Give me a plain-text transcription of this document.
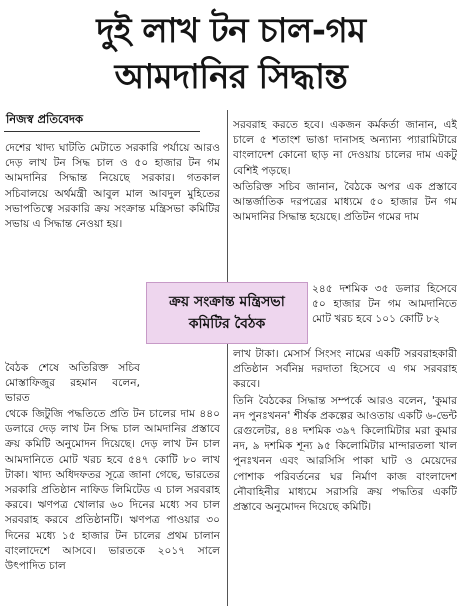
দুই লাখ টন চাল-গম
আমদানির সিদ্ধান্ত
নিজস্ব প্রতিবেদক

দেশের খাদ্য ঘাটতি মেটাতে সরকারি পর্যায়ে আরও দেড় লাখ টন সিদ্ধ চাল ও ৫০ হাজার টন গম আমদানির সিদ্ধান্ত নিয়েছে সরকার। গতকাল সচিবালয়ে অর্থমন্ত্রী আবুল মাল আবদুল মুহিতের সভাপতিত্বে সরকারি ক্রয় সংক্রান্ত মন্ত্রিসভা কমিটির সভায় এ সিদ্ধান্ত নেওয়া হয়।

বৈঠক শেষে অতিরিক্ত সচিব মোস্তাফিজুর রহমান বলেন, ভারত

থেকে জিটুজি পদ্ধতিতে প্রতি টন চালের দাম ৪৪০ ডলারে দেড় লাখ টন সিদ্ধ চাল আমদানির প্রস্তাবে ক্রয় কমিটি অনুমোদন দিয়েছে। দেড় লাখ টন চাল আমদানিতে মোট খরচ হবে ৫৪৭ কোটি ৮০ লাখ টাকা। খাদ্য অধিদফতর সূত্রে জানা গেছে, ভারতের সরকারি প্রতিষ্ঠান নাফিড লিমিটেড এ চাল সরবরাহ করবে। ঋণপত্র খোলার ৬০ দিনের মধ্যে সব চাল সরবরাহ করবে প্রতিষ্ঠানটি। ঋণপত্র পাওয়ার ৩০ দিনের মধ্যে ১৫ হাজার টন চালের প্রথম চালান বাংলাদেশে আসবে। ভারতকে ২০১৭ সালে উৎপাদিত চাল

সরবরাহ করতে হবে। একজন কর্মকর্তা জানান, এই চালে ৫ শতাংশ ভাঙা দানাসহ অন্যান্য প্যারামিটারে বাংলাদেশ কোনো ছাড় না দেওয়ায় চালের দাম একটু বেশিই পড়ছে।

অতিরিক্ত সচিব জানান, বৈঠকে অপর এক প্রস্তাবে আন্তর্জাতিক দরপত্রের মাধ্যমে ৫০ হাজার টন গম আমদানির সিদ্ধান্ত হয়েছে। প্রতিটন গমের দাম

২৪৫ দশমিক ৩৫ ডলার হিসেবে ৫০ হাজার টন গম আমদানিতে মোট খরচ হবে ১০১ কোটি ৮২

লাখ টাকা। মেসার্স সিংসং নামের একটি সরবরাহকারী প্রতিষ্ঠান সর্বনিম্ন দরদাতা হিসেবে এ গম সরবরাহ করবে।

তিনি বৈঠকের সিদ্ধান্ত সম্পর্কে আরও বলেন, 'কুমার নদ পুনঃখনন' শীর্ষক প্রকল্পের আওতায় একটি ৬-ভেন্ট রেগুলেটর, ৪৪ দশমিক ৩৯৭ কিলোমিটার মরা কুমার নদ, ৯ দশমিক শূন্য ৯৫ কিলোমিটার মান্দারতলা খাল পুনঃখনন এবং আরসিসি পাকা ঘাট ও মেয়েদের পোশাক পরিবর্তনের ঘর নির্মাণ কাজ বাংলাদেশ নৌবাহিনীর মাধ্যমে সরাসরি ক্রয় পদ্ধতির একটি প্রস্তাবে অনুমোদন দিয়েছে কমিটি।

ক্রয় সংক্রান্ত মন্ত্রিসভা
কমিটির বৈঠক
